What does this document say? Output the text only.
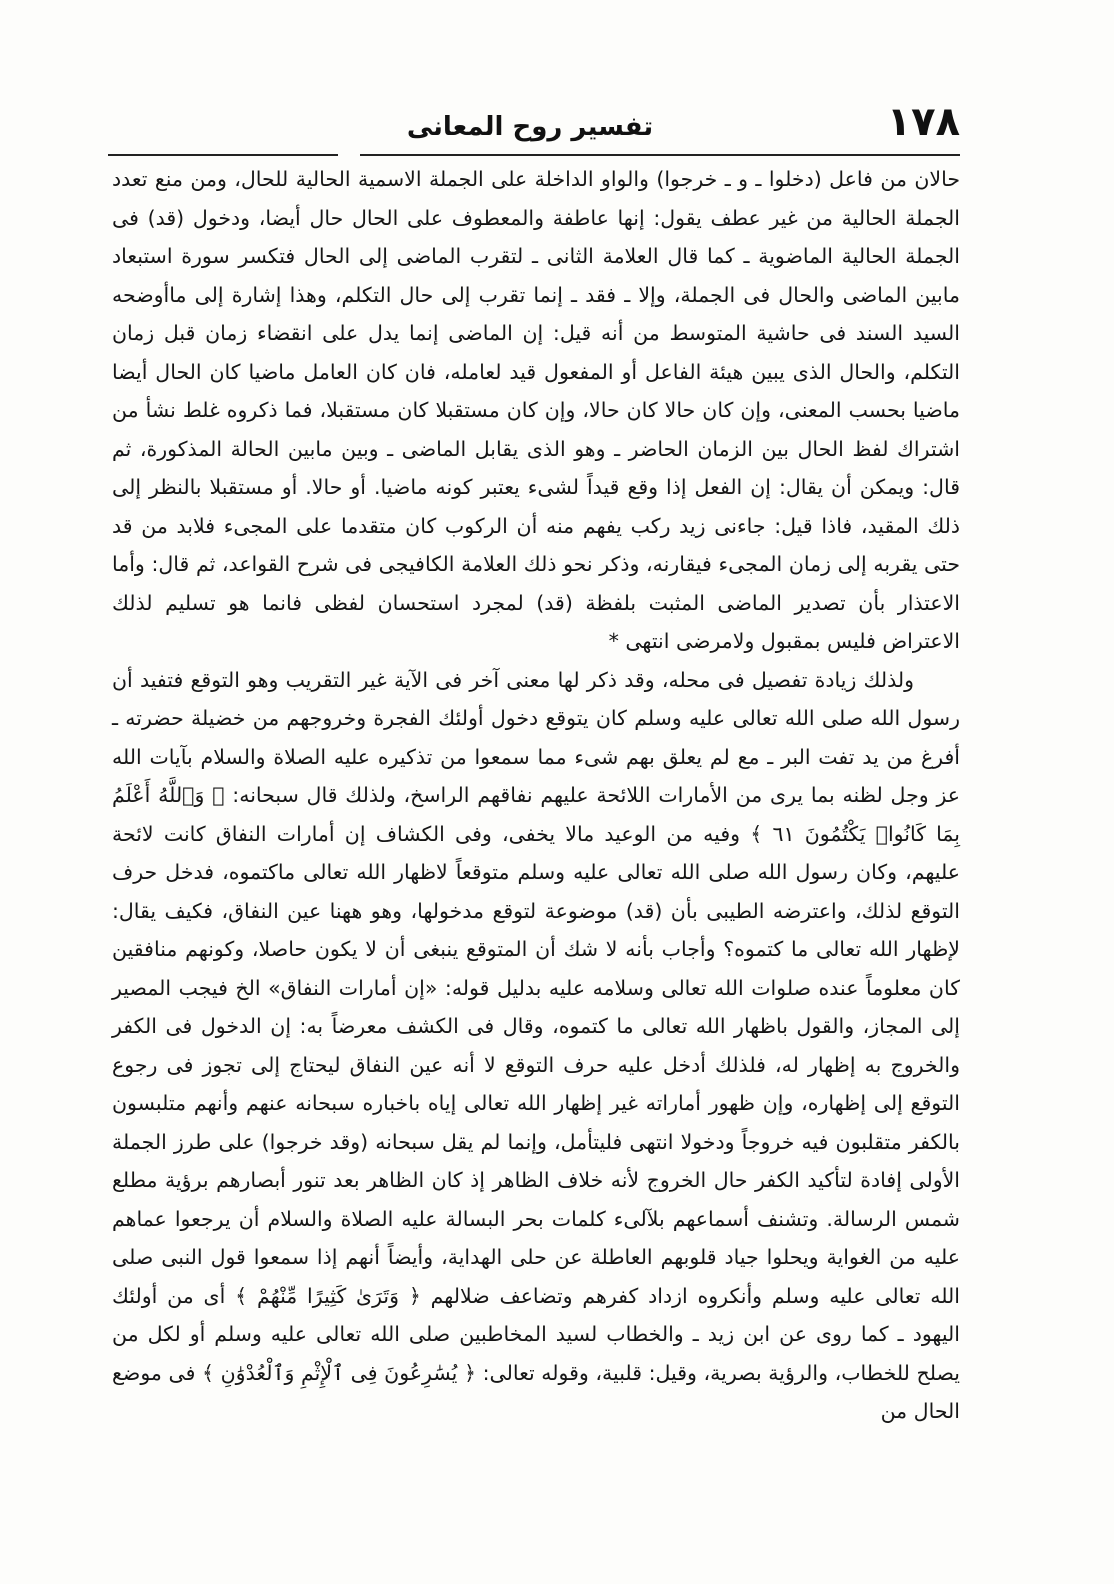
١٧٨
تفسير روح المعانى

حالان من فاعل (دخلوا ـ و ـ خرجوا) والواو الداخلة على الجملة الاسمية الحالية للحال، ومن منع تعدد الجملة الحالية من غير عطف يقول: إنها عاطفة والمعطوف على الحال حال أيضا، ودخول (قد) فى الجملة الحالية الماضوية ـ كما قال العلامة الثانى ـ لتقرب الماضى إلى الحال فتكسر سورة استبعاد مابين الماضى والحال فى الجملة، وإلا ـ فقد ـ إنما تقرب إلى حال التكلم، وهذا إشارة إلى ماأوضحه السيد السند فى حاشية المتوسط من أنه قيل: إن الماضى إنما يدل على انقضاء زمان قبل زمان التكلم، والحال الذى يبين هيئة الفاعل أو المفعول قيد لعامله، فان كان العامل ماضيا كان الحال أيضا ماضيا بحسب المعنى، وإن كان حالا كان حالا، وإن كان مستقبلا كان مستقبلا، فما ذكروه غلط نشأ من اشتراك لفظ الحال بين الزمان الحاضر ـ وهو الذى يقابل الماضى ـ وبين مابين الحالة المذكورة، ثم قال: ويمكن أن يقال: إن الفعل إذا وقع قيداً لشىء يعتبر كونه ماضيا. أو حالا. أو مستقبلا بالنظر إلى ذلك المقيد، فاذا قيل: جاءنى زيد ركب يفهم منه أن الركوب كان متقدما على المجىء فلابد من قد حتى يقربه إلى زمان المجىء فيقارنه، وذكر نحو ذلك العلامة الكافيجى فى شرح القواعد، ثم قال: وأما الاعتذار بأن تصدير الماضى المثبت بلفظة (قد) لمجرد استحسان لفظى فانما هو تسليم لذلك الاعتراض فليس بمقبول ولامرضى انتهى *

ولذلك زيادة تفصيل فى محله، وقد ذكر لها معنى آخر فى الآية غير التقريب وهو التوقع فتفيد أن رسول الله صلى الله تعالى عليه وسلم كان يتوقع دخول أولئك الفجرة وخروجهم من خضيلة حضرته ـ أفرغ من يد تفت البر ـ مع لم يعلق بهم شىء مما سمعوا من تذكيره عليه الصلاة والسلام بآيات الله عز وجل لظنه بما يرى من الأمارات اللائحة عليهم نفاقهم الراسخ، ولذلك قال سبحانه: ﴿ وَٱللَّهُ أَعْلَمُ بِمَا كَانُوا۟ يَكْتُمُونَ ٦١ ﴾ وفيه من الوعيد مالا يخفى، وفى الكشاف إن أمارات النفاق كانت لائحة عليهم، وكان رسول الله صلى الله تعالى عليه وسلم متوقعاً لاظهار الله تعالى ماكتموه، فدخل حرف التوقع لذلك، واعترضه الطيبى بأن (قد) موضوعة لتوقع مدخولها، وهو ههنا عين النفاق، فكيف يقال: لإظهار الله تعالى ما كتموه؟ وأجاب بأنه لا شك أن المتوقع ينبغى أن لا يكون حاصلا، وكونهم منافقين كان معلوماً عنده صلوات الله تعالى وسلامه عليه بدليل قوله: «إن أمارات النفاق» الخ فيجب المصير إلى المجاز، والقول باظهار الله تعالى ما كتموه، وقال فى الكشف معرضاً به: إن الدخول فى الكفر والخروج به إظهار له، فلذلك أدخل عليه حرف التوقع لا أنه عين النفاق ليحتاج إلى تجوز فى رجوع التوقع إلى إظهاره، وإن ظهور أماراته غير إظهار الله تعالى إياه باخباره سبحانه عنهم وأنهم متلبسون بالكفر متقلبون فيه خروجاً ودخولا انتهى فليتأمل، وإنما لم يقل سبحانه (وقد خرجوا) على طرز الجملة الأولى إفادة لتأكيد الكفر حال الخروج لأنه خلاف الظاهر إذ كان الظاهر بعد تنور أبصارهم برؤية مطلع شمس الرسالة. وتشنف أسماعهم بلآلىء كلمات بحر البسالة عليه الصلاة والسلام أن يرجعوا عماهم عليه من الغواية ويحلوا جياد قلوبهم العاطلة عن حلى الهداية، وأيضاً أنهم إذا سمعوا قول النبى صلى الله تعالى عليه وسلم وأنكروه ازداد كفرهم وتضاعف ضلالهم ﴿ وَتَرَىٰ كَثِيرًا مِّنْهُمْ ﴾ أى من أولئك اليهود ـ كما روى عن ابن زيد ـ والخطاب لسيد المخاطبين صلى الله تعالى عليه وسلم أو لكل من يصلح للخطاب، والرؤية بصرية، وقيل: قلبية، وقوله تعالى: ﴿ يُسَٰرِعُونَ فِى ٱلْإِثْمِ وَٱلْعُدْوَٰنِ ﴾ فى موضع الحال من
